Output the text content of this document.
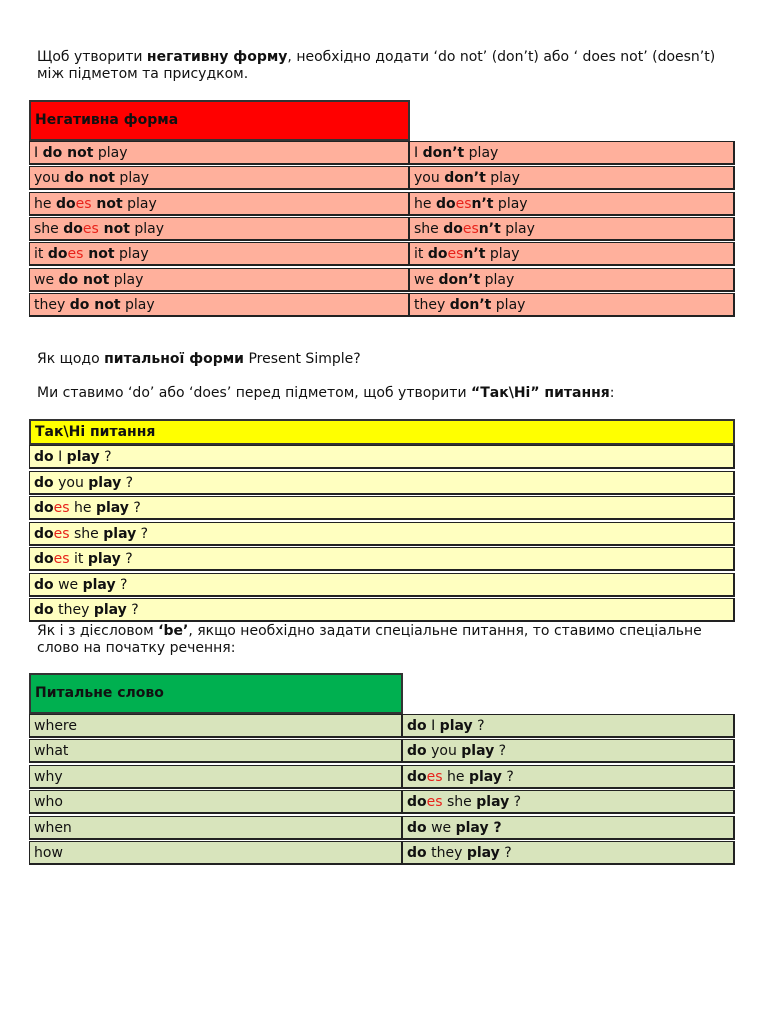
Щоб утворити негативну форму, необхідно додати ‘do not’ (don’t) або ‘ does not’ (doesn’t) між підметом та присудком.

Негативна форма
I do not play	I don’t play
you do not play	you don’t play
he does not play	he doesn’t play
she does not play	she doesn’t play
it does not play	it doesn’t play
we do not play	we don’t play
they do not play	they don’t play

Як щодо питальної форми Present Simple?

Ми ставимо ‘do’ або ‘does’ перед підметом, щоб утворити “Так\Ні” питання:

Так\Ні питання
do I play ?
do you play ?
does he play ?
does she play ?
does it play ?
do we play ?
do they play ?

Як і з дієсловом ‘be’, якщо необхідно задати спеціальне питання, то ставимо спеціальне слово на початку речення:

Питальне слово
where	do I play ?
what	do you play ?
why	does he play ?
who	does she play ?
when	do we play ?
how	do they play ?
